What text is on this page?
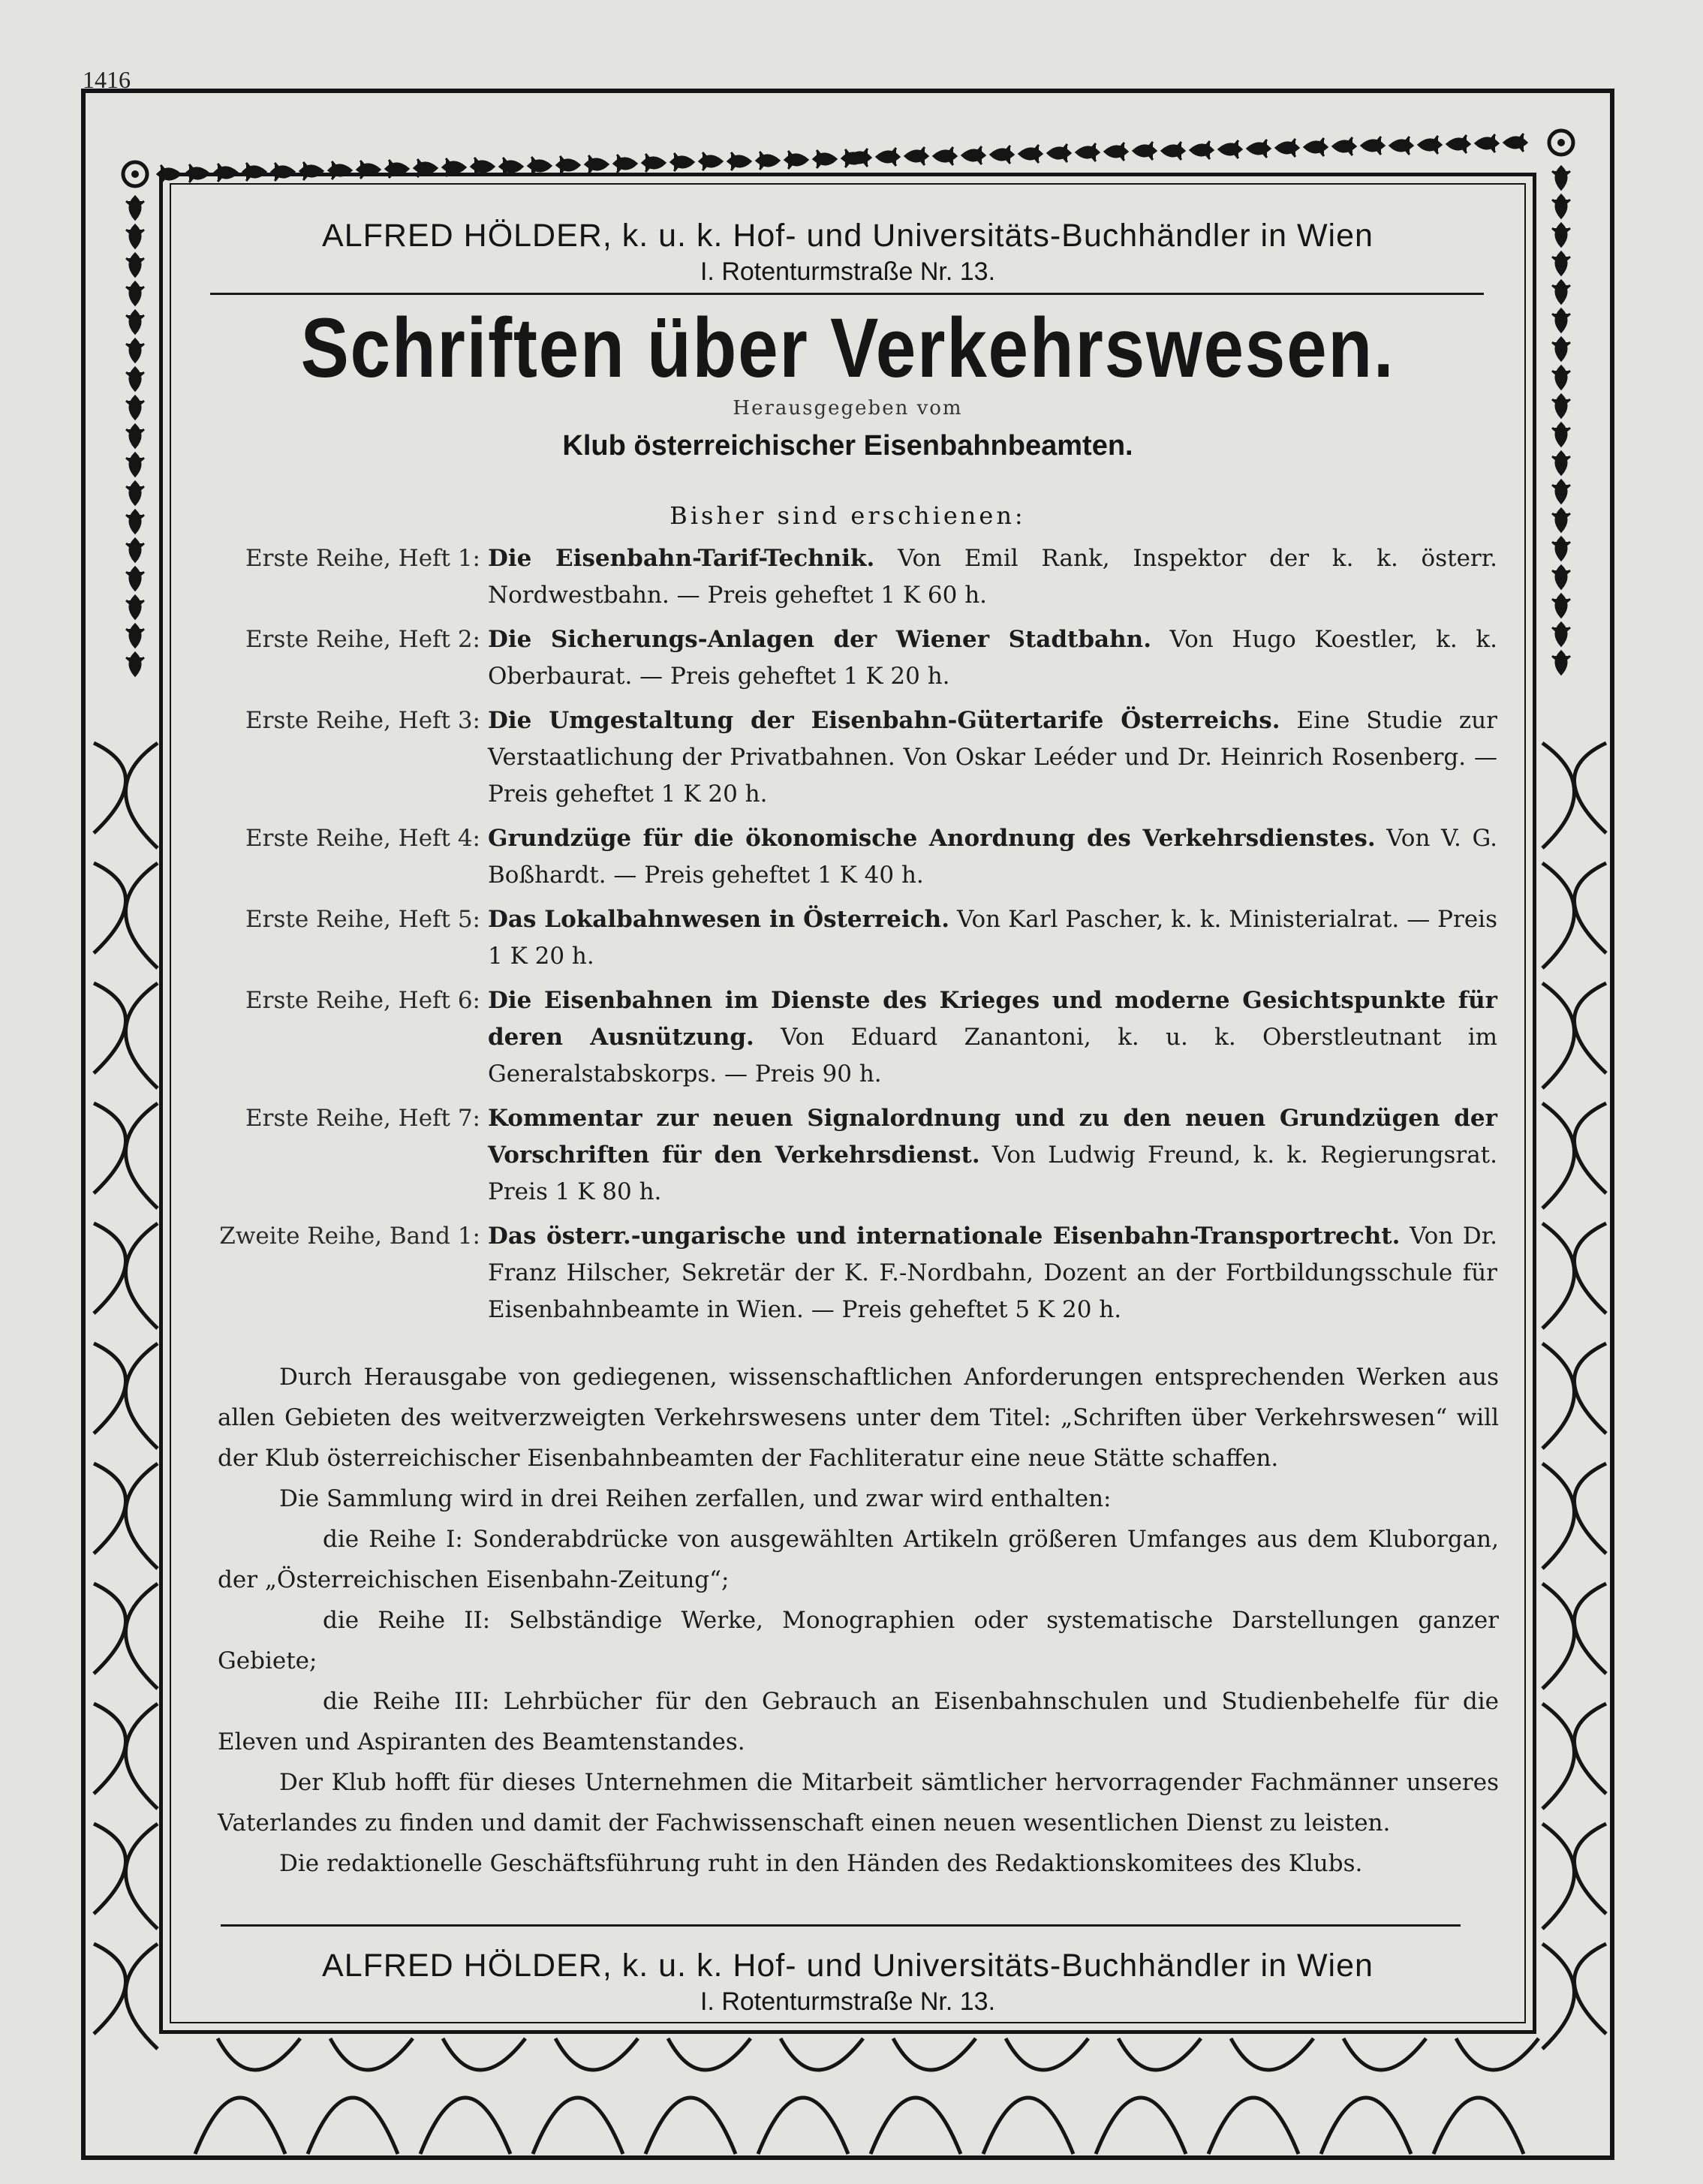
1416
ALFRED HÖLDER, k. u. k. Hof- und Universitäts-Buchhändler in Wien
I. Rotenturmstraße Nr. 13.
Schriften über Verkehrswesen.
Herausgegeben vom
Klub österreichischer Eisenbahnbeamten.
Bisher sind erschienen:
Erste Reihe, Heft 1: Die Eisenbahn-Tarif-Technik. Von Emil Rank, Inspektor der k. k. österr. Nordwestbahn. — Preis geheftet 1 K 60 h.
Erste Reihe, Heft 2: Die Sicherungs-Anlagen der Wiener Stadtbahn. Von Hugo Koestler, k. k. Oberbaurat. — Preis geheftet 1 K 20 h.
Erste Reihe, Heft 3: Die Umgestaltung der Eisenbahn-Gütertarife Österreichs. Eine Studie zur Verstaatlichung der Privatbahnen. Von Oskar Leéder und Dr. Heinrich Rosenberg. — Preis geheftet 1 K 20 h.
Erste Reihe, Heft 4: Grundzüge für die ökonomische Anordnung des Verkehrsdienstes. Von V. G. Boßhardt. — Preis geheftet 1 K 40 h.
Erste Reihe, Heft 5: Das Lokalbahnwesen in Österreich. Von Karl Pascher, k. k. Ministerialrat. — Preis 1 K 20 h.
Erste Reihe, Heft 6: Die Eisenbahnen im Dienste des Krieges und moderne Gesichtspunkte für deren Ausnützung. Von Eduard Zanantoni, k. u. k. Oberstleutnant im Generalstabskorps. — Preis 90 h.
Erste Reihe, Heft 7: Kommentar zur neuen Signalordnung und zu den neuen Grundzügen der Vorschriften für den Verkehrsdienst. Von Ludwig Freund, k. k. Regierungsrat. Preis 1 K 80 h.
Zweite Reihe, Band 1: Das österr.-ungarische und internationale Eisenbahn-Transportrecht. Von Dr. Franz Hilscher, Sekretär der K. F.-Nordbahn, Dozent an der Fortbildungsschule für Eisenbahnbeamte in Wien. — Preis geheftet 5 K 20 h.

Durch Herausgabe von gediegenen, wissenschaftlichen Anforderungen entsprechenden Werken aus allen Gebieten des weitverzweigten Verkehrswesens unter dem Titel: „Schriften über Verkehrswesen“ will der Klub österreichischer Eisenbahnbeamten der Fachliteratur eine neue Stätte schaffen.

Die Sammlung wird in drei Reihen zerfallen, und zwar wird enthalten:

die Reihe I: Sonderabdrücke von ausgewählten Artikeln größeren Umfanges aus dem Kluborgan, der „Österreichischen Eisenbahn-Zeitung“;

die Reihe II: Selbständige Werke, Monographien oder systematische Darstellungen ganzer Gebiete;

die Reihe III: Lehrbücher für den Gebrauch an Eisenbahnschulen und Studienbehelfe für die Eleven und Aspiranten des Beamtenstandes.

Der Klub hofft für dieses Unternehmen die Mitarbeit sämtlicher hervorragender Fachmänner unseres Vaterlandes zu finden und damit der Fachwissenschaft einen neuen wesentlichen Dienst zu leisten.

Die redaktionelle Geschäftsführung ruht in den Händen des Redaktionskomitees des Klubs.

ALFRED HÖLDER, k. u. k. Hof- und Universitäts-Buchhändler in Wien
I. Rotenturmstraße Nr. 13.
